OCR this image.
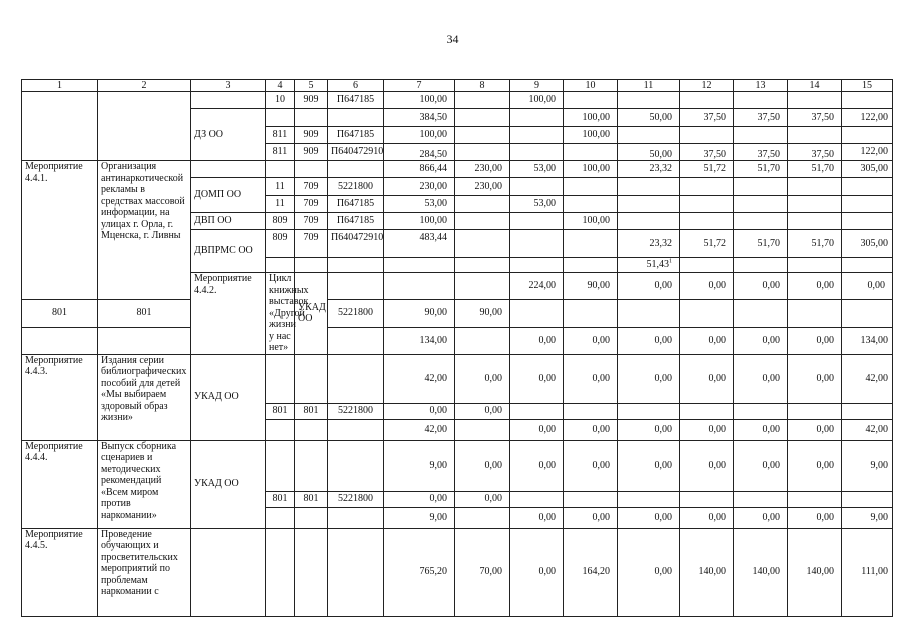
34
1	2	3	4	5	6	7	8	9	10	11	12	13	14	15	
			10	909	П647185	100,00		100,00							
		ДЗ ОО				384,50			100,00	50,00	37,50	37,50	37,50	122,00	
			811	909	П647185	100,00			100,00						
			811	909	П640472910	284,50				50,00	37,50	37,50	37,50	122,00	
Мероприятие 4.4.1.	Организация антинаркотической рекламы в средствах массовой информации, на улицах г. Орла, г. Мценска, г. Ливны					866,44	230,00	53,00	100,00	23,32	51,72	51,70	51,70	305,00	
		ДОМП ОО	11	709	5221800	230,00	230,00								
			11	709	П647185	53,00		53,00							
		ДВП ОО	809	709	П647185	100,00			100,00						
		ДВПРМС ОО	809	709	П640472910	483,44				23,32	51,72	51,70	51,70	305,00	
										51,43$^1$				
		Мероприятие 4.4.2.	Цикл книжных выставок «Другой жизни у нас нет»	УКАД ОО				224,00	90,00	0,00	0,00	0,00	0,00	0,00		
801	801				5221800	90,00	90,00								
						134,00		0,00	0,00	0,00	0,00	0,00	0,00	134,00	
Мероприятие 4.4.3.	Издания серии библиографических пособий для детей «Мы выбираем здоровый образ жизни»	УКАД ОО				42,00	0,00	0,00	0,00	0,00	0,00	0,00	0,00	42,00	
			801	801	5221800	0,00	0,00								
						42,00		0,00	0,00	0,00	0,00	0,00	0,00	42,00	
Мероприятие 4.4.4.	Выпуск сборника сценариев и методических рекомендаций «Всем миром против наркомании»	УКАД ОО				9,00	0,00	0,00	0,00	0,00	0,00	0,00	0,00	9,00	
			801	801	5221800	0,00	0,00								
						9,00		0,00	0,00	0,00	0,00	0,00	0,00	9,00	
Мероприятие 4.4.5.	Проведение обучающих и просветительских мероприятий по проблемам наркомании с					765,20	70,00	0,00	164,20	0,00	140,00	140,00	140,00	111,00	
